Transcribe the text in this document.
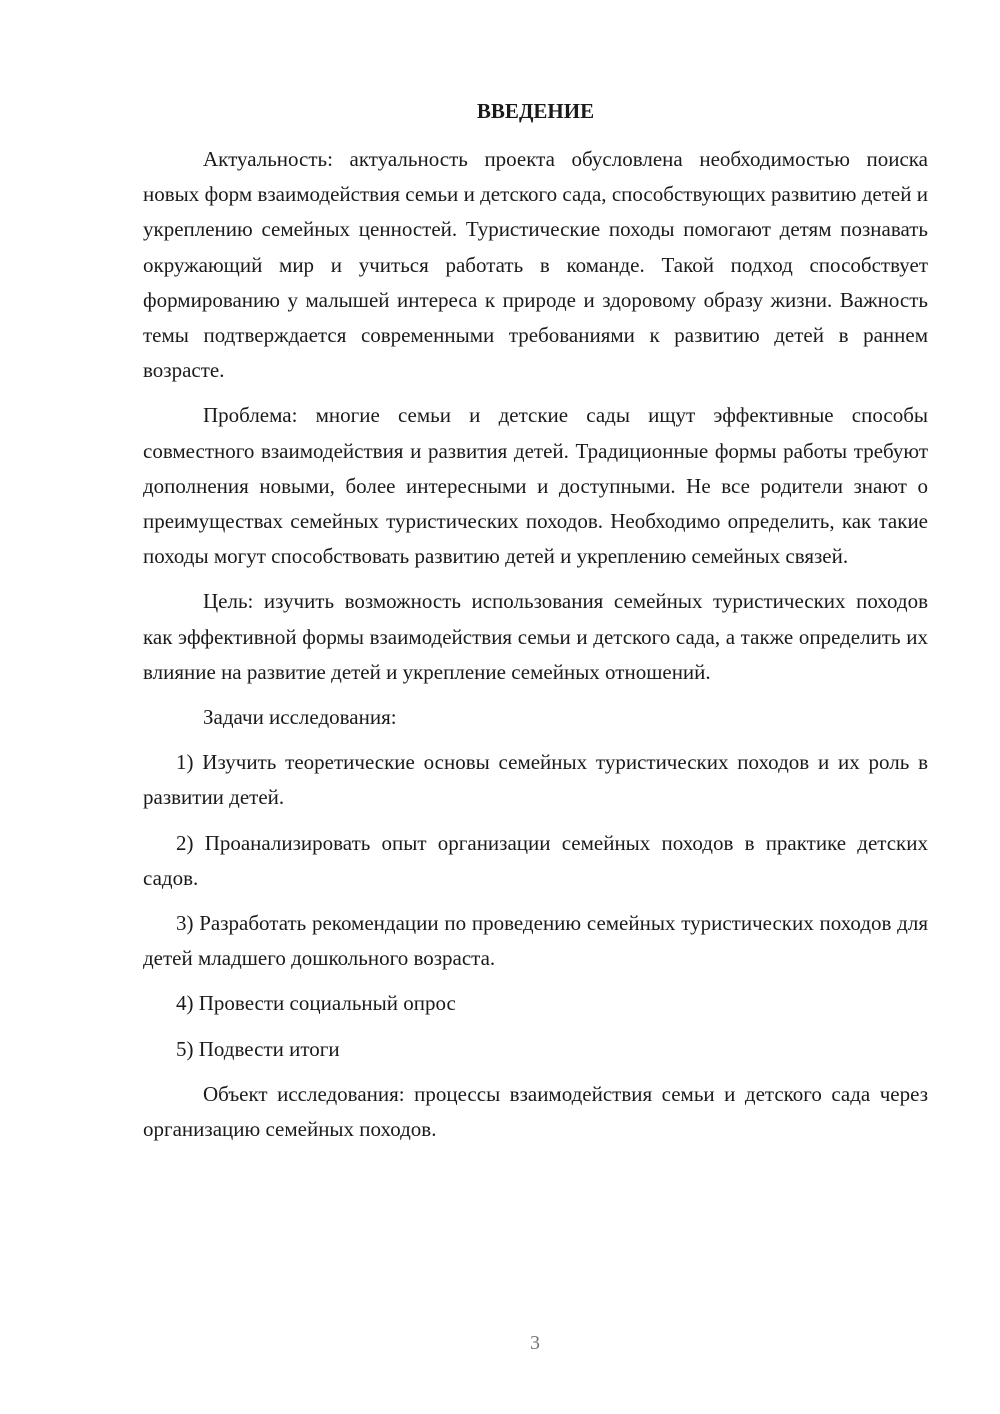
ВВЕДЕНИЕ

Актуальность: актуальность проекта обусловлена необходимостью поиска новых форм взаимодействия семьи и детского сада, способствующих развитию детей и укреплению семейных ценностей. Туристические походы помогают детям познавать окружающий мир и учиться работать в команде. Такой подход способствует формированию у малышей интереса к природе и здоровому образу жизни. Важность темы подтверждается современными требованиями к развитию детей в раннем возрасте.

Проблема: многие семьи и детские сады ищут эффективные способы совместного взаимодействия и развития детей. Традиционные формы работы требуют дополнения новыми, более интересными и доступными. Не все родители знают о преимуществах семейных туристических походов. Необходимо определить, как такие походы могут способствовать развитию детей и укреплению семейных связей.

Цель: изучить возможность использования семейных туристических походов как эффективной формы взаимодействия семьи и детского сада, а также определить их влияние на развитие детей и укрепление семейных отношений.

Задачи исследования:

1) Изучить теоретические основы семейных туристических походов и их роль в развитии детей.

2) Проанализировать опыт организации семейных походов в практике детских садов.

3) Разработать рекомендации по проведению семейных туристических походов для детей младшего дошкольного возраста.

4) Провести социальный опрос

5) Подвести итоги

Объект исследования: процессы взаимодействия семьи и детского сада через организацию семейных походов.

3
